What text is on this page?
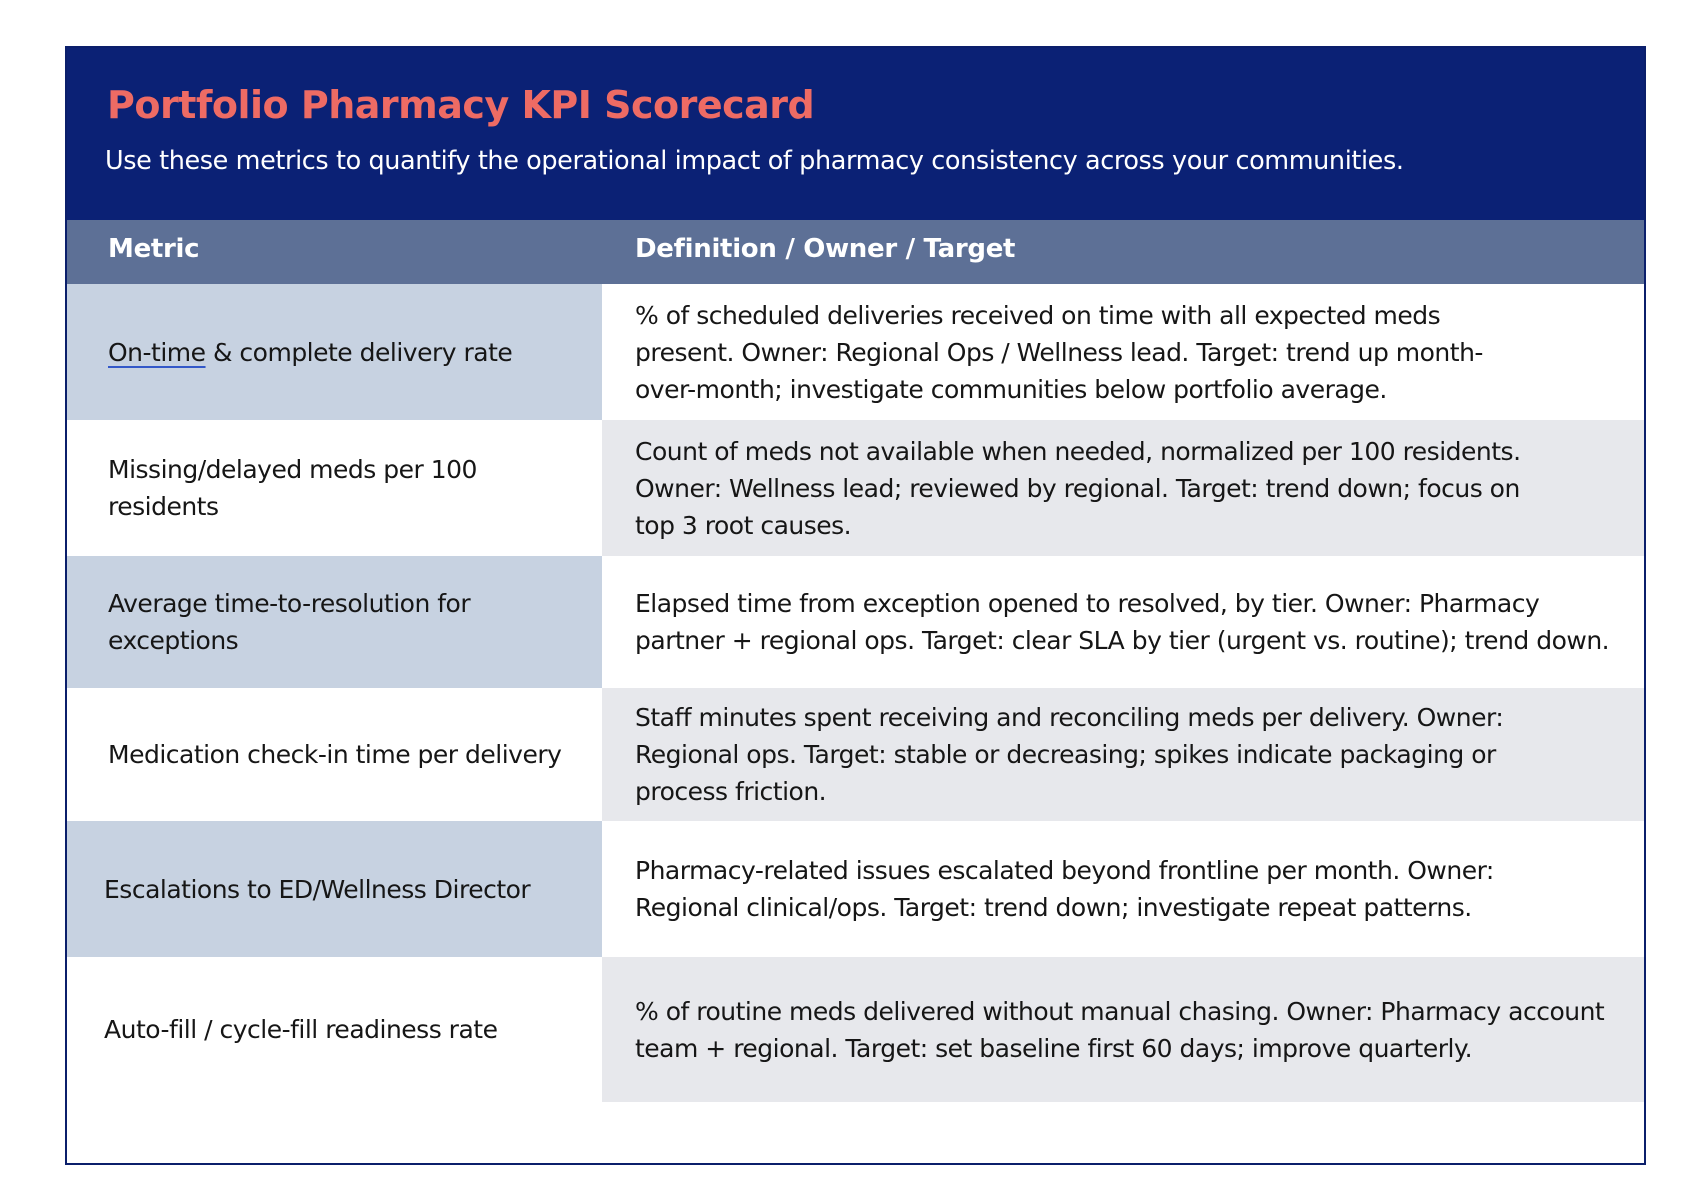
Portfolio Pharmacy KPI Scorecard

Use these metrics to quantify the operational impact of pharmacy consistency across your communities.

Metric	Definition / Owner / Target
On-time & complete delivery rate
% of scheduled deliveries received on time with all expected meds present. Owner: Regional Ops / Wellness lead. Target: trend up month-over-month; investigate communities below portfolio average.
Missing/delayed meds per 100 residents
Count of meds not available when needed, normalized per 100 residents. Owner: Wellness lead; reviewed by regional. Target: trend down; focus on top 3 root causes.
Average time-to-resolution for exceptions
Elapsed time from exception opened to resolved, by tier. Owner: Pharmacy partner + regional ops. Target: clear SLA by tier (urgent vs. routine); trend down.
Medication check-in time per delivery
Staff minutes spent receiving and reconciling meds per delivery. Owner: Regional ops. Target: stable or decreasing; spikes indicate packaging or process friction.
Escalations to ED/Wellness Director
Pharmacy-related issues escalated beyond frontline per month. Owner: Regional clinical/ops. Target: trend down; investigate repeat patterns.
Auto-fill / cycle-fill readiness rate
% of routine meds delivered without manual chasing. Owner: Pharmacy account team + regional. Target: set baseline first 60 days; improve quarterly.
